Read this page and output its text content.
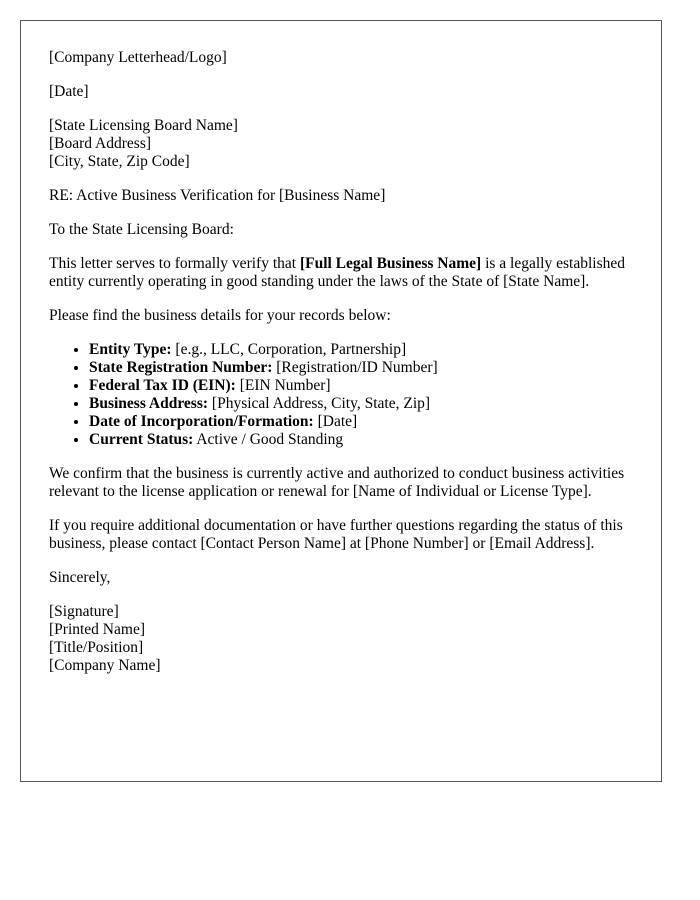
[Company Letterhead/Logo]

[Date]

[State Licensing Board Name]
[Board Address]
[City, State, Zip Code]

RE: Active Business Verification for [Business Name]

To the State Licensing Board:

This letter serves to formally verify that [Full Legal Business Name] is a legally established entity currently operating in good standing under the laws of the State of [State Name].

Please find the business details for your records below:

• Entity Type: [e.g., LLC, Corporation, Partnership]
• State Registration Number: [Registration/ID Number]
• Federal Tax ID (EIN): [EIN Number]
• Business Address: [Physical Address, City, State, Zip]
• Date of Incorporation/Formation: [Date]
• Current Status: Active / Good Standing

We confirm that the business is currently active and authorized to conduct business activities relevant to the license application or renewal for [Name of Individual or License Type].

If you require additional documentation or have further questions regarding the status of this business, please contact [Contact Person Name] at [Phone Number] or [Email Address].

Sincerely,

[Signature]
[Printed Name]
[Title/Position]
[Company Name]
